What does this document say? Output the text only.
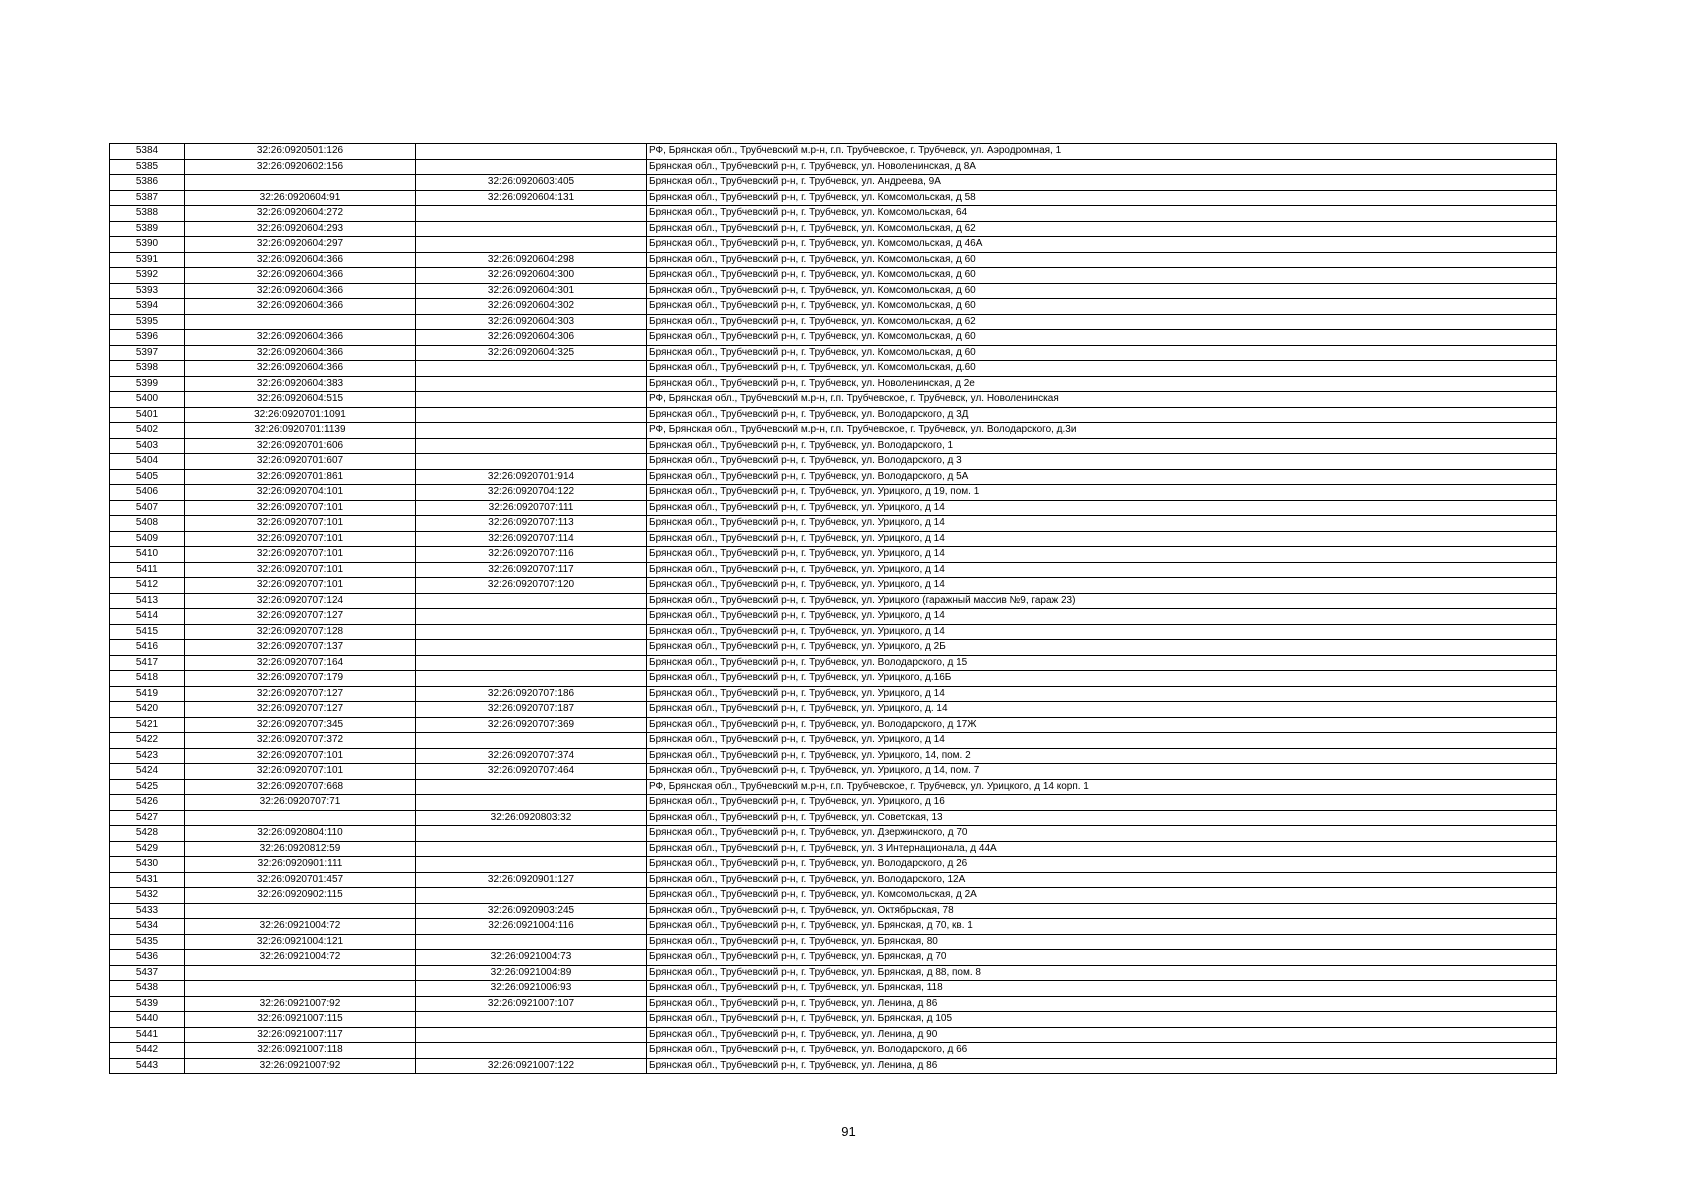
5384	32:26:0920501:126		РФ, Брянская обл., Трубчевский м.р-н, г.п. Трубчевское, г. Трубчевск, ул. Аэродромная, 1
5385	32:26:0920602:156		Брянская обл., Трубчевский р-н, г. Трубчевск, ул. Новоленинская, д 8А
5386		32:26:0920603:405	Брянская обл., Трубчевский р-н, г. Трубчевск, ул. Андреева, 9А
5387	32:26:0920604:91	32:26:0920604:131	Брянская обл., Трубчевский р-н, г. Трубчевск, ул. Комсомольская, д 58
5388	32:26:0920604:272		Брянская обл., Трубчевский р-н, г. Трубчевск, ул. Комсомольская, 64
5389	32:26:0920604:293		Брянская обл., Трубчевский р-н, г. Трубчевск, ул. Комсомольская, д 62
5390	32:26:0920604:297		Брянская обл., Трубчевский р-н, г. Трубчевск, ул. Комсомольская, д 46А
5391	32:26:0920604:366	32:26:0920604:298	Брянская обл., Трубчевский р-н, г. Трубчевск, ул. Комсомольская, д 60
5392	32:26:0920604:366	32:26:0920604:300	Брянская обл., Трубчевский р-н, г. Трубчевск, ул. Комсомольская, д 60
5393	32:26:0920604:366	32:26:0920604:301	Брянская обл., Трубчевский р-н, г. Трубчевск, ул. Комсомольская, д 60
5394	32:26:0920604:366	32:26:0920604:302	Брянская обл., Трубчевский р-н, г. Трубчевск, ул. Комсомольская, д 60
5395		32:26:0920604:303	Брянская обл., Трубчевский р-н, г. Трубчевск, ул. Комсомольская, д 62
5396	32:26:0920604:366	32:26:0920604:306	Брянская обл., Трубчевский р-н, г. Трубчевск, ул. Комсомольская, д 60
5397	32:26:0920604:366	32:26:0920604:325	Брянская обл., Трубчевский р-н, г. Трубчевск, ул. Комсомольская, д 60
5398	32:26:0920604:366		Брянская обл., Трубчевский р-н, г. Трубчевск, ул. Комсомольская, д.60
5399	32:26:0920604:383		Брянская обл., Трубчевский р-н, г. Трубчевск, ул. Новоленинская, д 2е
5400	32:26:0920604:515		РФ, Брянская обл., Трубчевский м.р-н, г.п. Трубчевское, г. Трубчевск, ул. Новоленинская
5401	32:26:0920701:1091		Брянская обл., Трубчевский р-н, г. Трубчевск, ул. Володарского, д 3Д
5402	32:26:0920701:1139		РФ, Брянская обл., Трубчевский м.р-н, г.п. Трубчевское, г. Трубчевск, ул. Володарского, д.3и
5403	32:26:0920701:606		Брянская обл., Трубчевский р-н, г. Трубчевск, ул. Володарского, 1
5404	32:26:0920701:607		Брянская обл., Трубчевский р-н, г. Трубчевск, ул. Володарского, д 3
5405	32:26:0920701:861	32:26:0920701:914	Брянская обл., Трубчевский р-н, г. Трубчевск, ул. Володарского, д 5А
5406	32:26:0920704:101	32:26:0920704:122	Брянская обл., Трубчевский р-н, г. Трубчевск, ул. Урицкого, д 19, пом. 1
5407	32:26:0920707:101	32:26:0920707:111	Брянская обл., Трубчевский р-н, г. Трубчевск, ул. Урицкого, д 14
5408	32:26:0920707:101	32:26:0920707:113	Брянская обл., Трубчевский р-н, г. Трубчевск, ул. Урицкого, д 14
5409	32:26:0920707:101	32:26:0920707:114	Брянская обл., Трубчевский р-н, г. Трубчевск, ул. Урицкого, д 14
5410	32:26:0920707:101	32:26:0920707:116	Брянская обл., Трубчевский р-н, г. Трубчевск, ул. Урицкого, д 14
5411	32:26:0920707:101	32:26:0920707:117	Брянская обл., Трубчевский р-н, г. Трубчевск, ул. Урицкого, д 14
5412	32:26:0920707:101	32:26:0920707:120	Брянская обл., Трубчевский р-н, г. Трубчевск, ул. Урицкого, д 14
5413	32:26:0920707:124		Брянская обл., Трубчевский р-н, г. Трубчевск, ул. Урицкого (гаражный массив №9, гараж 23)
5414	32:26:0920707:127		Брянская обл., Трубчевский р-н, г. Трубчевск, ул. Урицкого, д 14
5415	32:26:0920707:128		Брянская обл., Трубчевский р-н, г. Трубчевск, ул. Урицкого, д 14
5416	32:26:0920707:137		Брянская обл., Трубчевский р-н, г. Трубчевск, ул. Урицкого, д 2Б
5417	32:26:0920707:164		Брянская обл., Трубчевский р-н, г. Трубчевск, ул. Володарского, д 15
5418	32:26:0920707:179		Брянская обл., Трубчевский р-н, г. Трубчевск, ул. Урицкого, д.16Б
5419	32:26:0920707:127	32:26:0920707:186	Брянская обл., Трубчевский р-н, г. Трубчевск, ул. Урицкого, д 14
5420	32:26:0920707:127	32:26:0920707:187	Брянская обл., Трубчевский р-н, г. Трубчевск, ул. Урицкого, д. 14
5421	32:26:0920707:345	32:26:0920707:369	Брянская обл., Трубчевский р-н, г. Трубчевск, ул. Володарского, д 17Ж
5422	32:26:0920707:372		Брянская обл., Трубчевский р-н, г. Трубчевск, ул. Урицкого, д 14
5423	32:26:0920707:101	32:26:0920707:374	Брянская обл., Трубчевский р-н, г. Трубчевск, ул. Урицкого, 14, пом. 2
5424	32:26:0920707:101	32:26:0920707:464	Брянская обл., Трубчевский р-н, г. Трубчевск, ул. Урицкого, д 14, пом. 7
5425	32:26:0920707:668		РФ, Брянская обл., Трубчевский м.р-н, г.п. Трубчевское, г. Трубчевск, ул. Урицкого, д 14 корп. 1
5426	32:26:0920707:71		Брянская обл., Трубчевский р-н, г. Трубчевск, ул. Урицкого, д 16
5427		32:26:0920803:32	Брянская обл., Трубчевский р-н, г. Трубчевск, ул. Советская, 13
5428	32:26:0920804:110		Брянская обл., Трубчевский р-н, г. Трубчевск, ул. Дзержинского, д 70
5429	32:26:0920812:59		Брянская обл., Трубчевский р-н, г. Трубчевск, ул. 3 Интернационала, д 44А
5430	32:26:0920901:111		Брянская обл., Трубчевский р-н, г. Трубчевск, ул. Володарского, д 26
5431	32:26:0920701:457	32:26:0920901:127	Брянская обл., Трубчевский р-н, г. Трубчевск, ул. Володарского, 12А
5432	32:26:0920902:115		Брянская обл., Трубчевский р-н, г. Трубчевск, ул. Комсомольская, д 2А
5433		32:26:0920903:245	Брянская обл., Трубчевский р-н, г. Трубчевск, ул. Октябрьская, 78
5434	32:26:0921004:72	32:26:0921004:116	Брянская обл., Трубчевский р-н, г. Трубчевск, ул. Брянская, д 70, кв. 1
5435	32:26:0921004:121		Брянская обл., Трубчевский р-н, г. Трубчевск, ул. Брянская, 80
5436	32:26:0921004:72	32:26:0921004:73	Брянская обл., Трубчевский р-н, г. Трубчевск, ул. Брянская, д 70
5437		32:26:0921004:89	Брянская обл., Трубчевский р-н, г. Трубчевск, ул. Брянская, д 88, пом. 8
5438		32:26:0921006:93	Брянская обл., Трубчевский р-н, г. Трубчевск, ул. Брянская, 118
5439	32:26:0921007:92	32:26:0921007:107	Брянская обл., Трубчевский р-н, г. Трубчевск, ул. Ленина, д 86
5440	32:26:0921007:115		Брянская обл., Трубчевский р-н, г. Трубчевск, ул. Брянская, д 105
5441	32:26:0921007:117		Брянская обл., Трубчевский р-н, г. Трубчевск, ул. Ленина, д 90
5442	32:26:0921007:118		Брянская обл., Трубчевский р-н, г. Трубчевск, ул. Володарского, д 66
5443	32:26:0921007:92	32:26:0921007:122	Брянская обл., Трубчевский р-н, г. Трубчевск, ул. Ленина, д 86
91
